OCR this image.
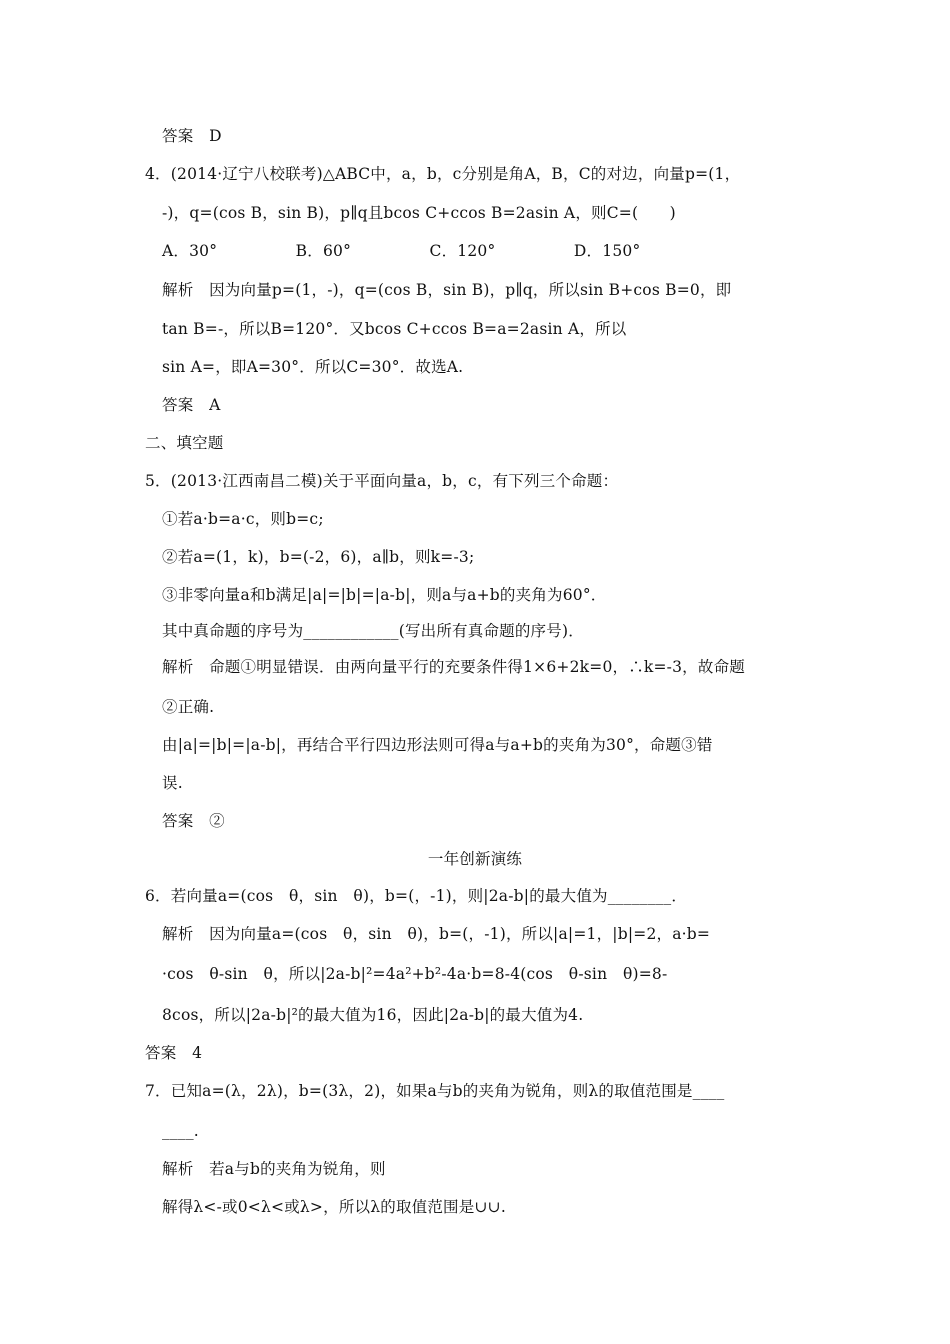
答案　D
4．(2014·辽宁八校联考)△ABC中，a，b，c分别是角A，B，C的对边，向量p=(1，
-)，q=(cos B，sin B)，p∥q且bcos C+ccos B=2asin A，则C=(　　)
A．30°　　　　　B．60°　　　　　C．120°　　　　　D．150°
解析　因为向量p=(1，-)，q=(cos B，sin B)，p∥q，所以sin B+cos B=0，即
tan B=-，所以B=120°．又bcos C+ccos B=a=2asin A，所以
sin A=，即A=30°．所以C=30°．故选A.
答案　A
二、填空题
5．(2013·江西南昌二模)关于平面向量a，b，c，有下列三个命题：
①若a·b=a·c，则b=c;
②若a=(1，k)，b=(-2，6)，a∥b，则k=-3;
③非零向量a和b满足|a|=|b|=|a-b|，则a与a+b的夹角为60°．
其中真命题的序号为____________(写出所有真命题的序号)．
解析　命题①明显错误．由两向量平行的充要条件得1×6+2k=0，∴k=-3，故命题
②正确.
由|a|=|b|=|a-b|，再结合平行四边形法则可得a与a+b的夹角为30°，命题③错
误.
答案　②
一年创新演练
6．若向量a=(cos　θ，sin　θ)，b=(，-1)，则|2a-b|的最大值为________．
解析　因为向量a=(cos　θ，sin　θ)，b=(，-1)，所以|a|=1，|b|=2，a·b=
·cos　θ-sin　θ，所以|2a-b|²=4a²+b²-4a·b=8-4(cos　θ-sin　θ)=8-
8cos，所以|2a-b|²的最大值为16，因此|2a-b|的最大值为4.
答案　4
7．已知a=(λ，2λ)，b=(3λ，2)，如果a与b的夹角为锐角，则λ的取值范围是____
____.
解析　若a与b的夹角为锐角，则
解得λ<-或0<λ<或λ>，所以λ的取值范围是∪∪.
